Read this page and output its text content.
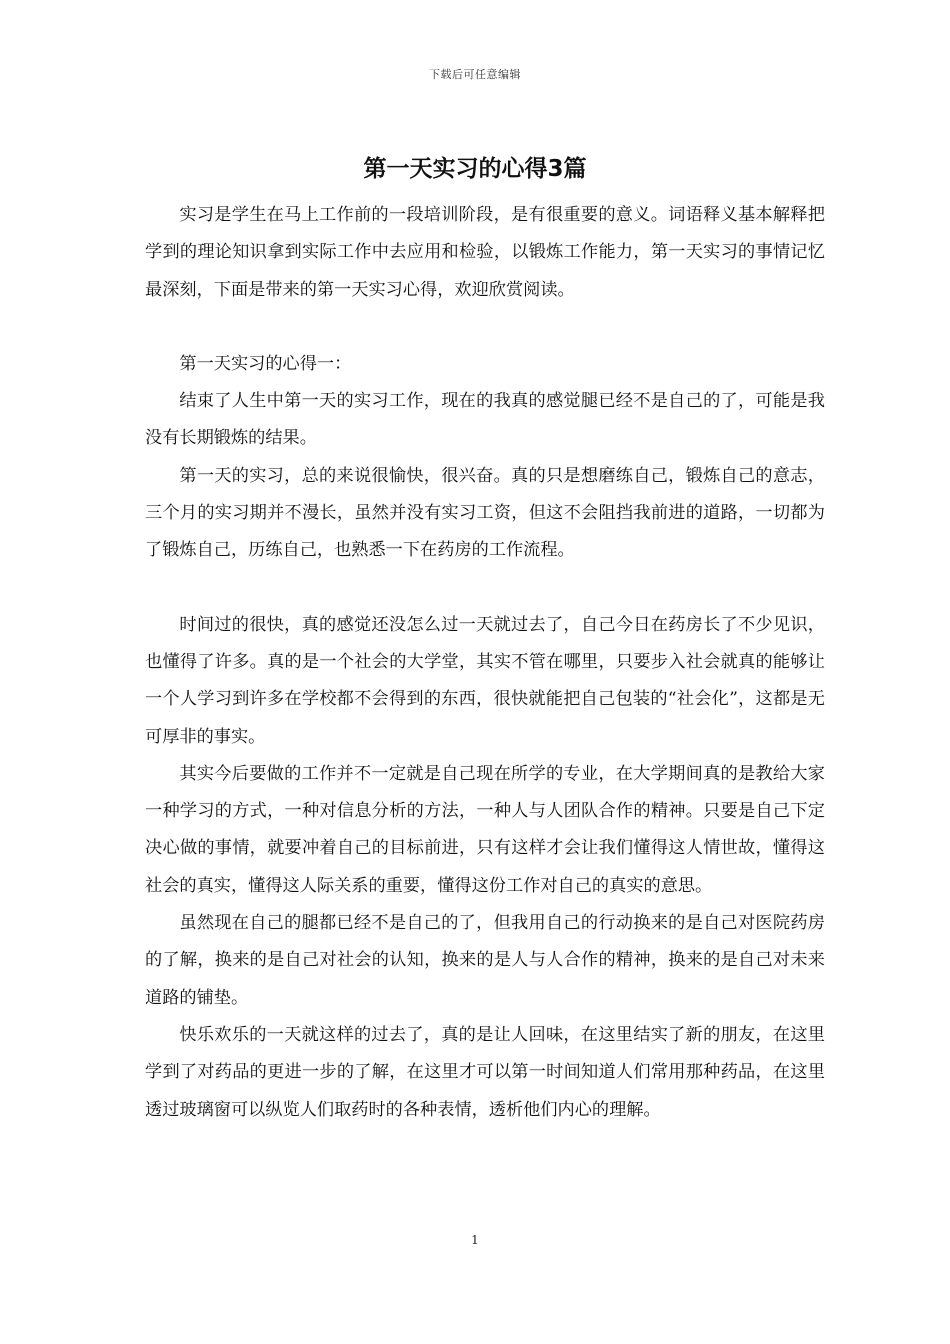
下载后可任意编辑
第一天实习的心得3篇

实习是学生在马上工作前的一段培训阶段，是有很重要的意义。词语释义基本解释把学到的理论知识拿到实际工作中去应用和检验，以锻炼工作能力，第一天实习的事情记忆最深刻，下面是带来的第一天实习心得，欢迎欣赏阅读。

第一天实习的心得一：

结束了人生中第一天的实习工作，现在的我真的感觉腿已经不是自己的了，可能是我没有长期锻炼的结果。

第一天的实习，总的来说很愉快，很兴奋。真的只是想磨练自己，锻炼自己的意志，三个月的实习期并不漫长，虽然并没有实习工资，但这不会阻挡我前进的道路，一切都为了锻炼自己，历练自己，也熟悉一下在药房的工作流程。

时间过的很快，真的感觉还没怎么过一天就过去了，自己今日在药房长了不少见识，也懂得了许多。真的是一个社会的大学堂，其实不管在哪里，只要步入社会就真的能够让一个人学习到许多在学校都不会得到的东西，很快就能把自己包装的“社会化”，这都是无可厚非的事实。

其实今后要做的工作并不一定就是自己现在所学的专业，在大学期间真的是教给大家一种学习的方式，一种对信息分析的方法，一种人与人团队合作的精神。只要是自己下定决心做的事情，就要冲着自己的目标前进，只有这样才会让我们懂得这人情世故，懂得这社会的真实，懂得这人际关系的重要，懂得这份工作对自己的真实的意思。

虽然现在自己的腿都已经不是自己的了，但我用自己的行动换来的是自己对医院药房的了解，换来的是自己对社会的认知，换来的是人与人合作的精神，换来的是自己对未来道路的铺垫。

快乐欢乐的一天就这样的过去了，真的是让人回味，在这里结实了新的朋友，在这里学到了对药品的更进一步的了解，在这里才可以第一时间知道人们常用那种药品，在这里透过玻璃窗可以纵览人们取药时的各种表情，透析他们内心的理解。

1
